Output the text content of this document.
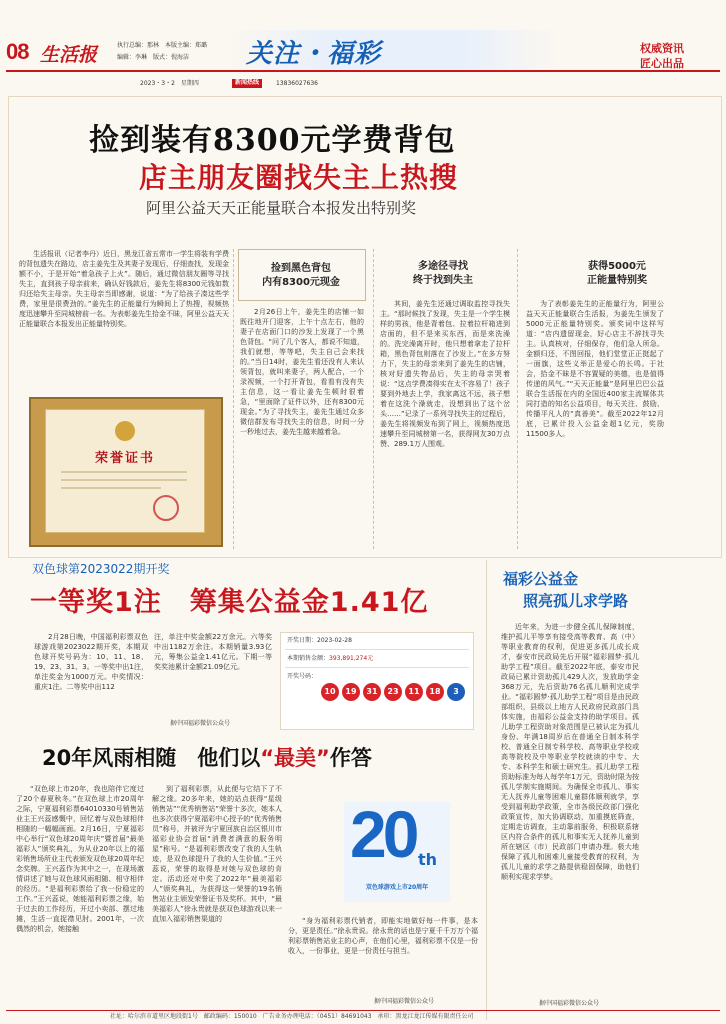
08 生活报	执行总编：那林　本版主编：郑璐
编辑：李琳　版式：倪海洁 关注・福彩	权威资讯
匠心出品
2023・3・2　星期四	新闻热线	13836027636
捡到装有8300元学费背包
店主朋友圈找失主上热搜
阿里公益天天正能量联合本报发出特别奖
生活报讯（记者李丹）近日，黑龙江省五常市一学生将装有学费的背包遗失在路边，店主姜先生及其妻子发现后，仔细查找，发现金额不小，于是开始“着急孩子上火”。随后，通过微信朋友圈等寻找失主，直到孩子母亲前来，确认好钱款后，姜先生将8300元钱如数归还给失主母亲。失主母亲当即感谢，说道：“为了给孩子凑这些学费，家里是很费劲的。”姜先生的正能量行为瞬间上了热搜，视频热度迅速攀升至同城榜前一名。为表彰姜先生拾金不昧，阿里公益天天正能量联合本报发出正能量特别奖。
荣誉证书
捡到黑色背包
内有8300元现金
2月26日上午，姜先生的店铺一如既往地开门迎客，上午十点左右，他的妻子在店面门口的沙发上发现了一个黑色背包。“问了几个客人，都说不知道，我们就想，等等吧，失主自己会来找的。”当日14时，姜先生看还没有人来认领背包，就叫来妻子，两人配合，一个录视频，一个打开背包，看看有没有失主信息，这一看让姜先生顿时很着急，“里面除了证件以外，还有8300元现金。”为了寻找失主，姜先生通过众多微信群发布寻找失主的信息，时间一分一秒地过去，姜先生越来越着急。
多途径寻找
终于找到失主
其间，姜先生还通过调取监控寻找失主。“那时候找了发现，失主是一个学生模样的男孩，他是背着包、拉着拉杆箱进到店面的，但不是来买东西，而是来洗澡的。洗完澡离开时，他只想着拿走了拉杆箱，黑色背包则落在了沙发上。”在多方努力下，失主的母亲来到了姜先生的店铺，核对好遗失物品后，失主的母亲哭着说：“这点学费凑得实在太不容易了！孩子要到外地去上学，我家离这不远，孩子想着在这洗个澡就走，没想到出了这个岔头……”记录了一系列寻找失主的过程后，姜先生将视频发布到了网上，视频热度迅速攀升至同城榜第一名，获得网友30万点赞、289.1万人围观。
获得5000元
正能量特别奖
为了表彰姜先生的正能量行为，阿里公益天天正能量联合生活报，为姜先生颁发了5000元正能量特别奖。颁奖词中这样写道：“店内遗留现金，好心店主不辞找寻失主。认真核对，仔细保存，他们急人所急。金额归还，不图回报，他们堂堂正正挺起了一面旗，这些义举正是爱心的长鸣。于社会，拾金不昧是不容置疑的美德，也是值得传递的风气。”“天天正能量”是阿里巴巴公益联合生活报在内的全国近400家主流媒体共同打造的知名公益项目，每天关注、鼓励、传播平凡人的“真善美”。截至2022年12月底，已累计投入公益金超1亿元，奖励11500多人。
双色球第2023022期开奖
一等奖1注　筹集公益金1.41亿
2月28日晚，中国福利彩票双色球游戏第2023022期开奖，本期双色球开奖号码为：10、11、18、19、23、31、3。一等奖中出1注，单注奖金为1000万元。中奖情况：重庆1注。二等奖中出112
注，单注中奖金额22万余元。六等奖中出1182万余注。本期销量3.93亿元，筹集公益金1.41亿元。下期一等奖奖池累计金额21.09亿元。
据中国福彩微信公众号
开奖日期：2023-02-28
本期销售金额：393,891,274元
开奖号码：
10	19	31	23	11	18	3
20年风雨相随　他们以“最美”作答
“双色球上市20年，我也陪伴它度过了20个春夏秋冬。”在双色球上市20周年之际，宁夏福利彩票64010330号销售站业主王兴蕊感慨中，回忆着与双色球相伴相随的一幅幅画面。2月16日，宁夏福彩中心举行“双色球20周年庆”暨首届“最美福彩人”颁奖典礼，为从业20年以上的福彩销售场所业主代表颁发双色球20周年纪念奖牌。王兴蕊作为其中之一，在现场激情讲述了她与双色球风雨相随、相守相伴的经历。“是福利彩票给了我一份稳定的工作。”王兴蕊说，她能福利彩票之缘，始于过去的工作经历，开过小卖部、摆过地摊，生活一直捉襟见肘。2001年，一次偶然的机会，她接触
到了福利彩票，从此便与它结下了不解之缘。20多年来，她的站点获得“星级销售站”“优秀销售站”荣誉十多次，她本人也多次获得宁夏福彩中心授予的“优秀销售员”称号，并被评为宁夏回族自治区银川市福彩业协会首届“消费者满意的服务明星”称号。“是福利彩票改变了我的人生轨迹，是双色球提升了我的人生价值。”王兴蕊说，荣誉的取得是对她与双色球的肯定。活动还对中奖了2022年“最美福彩人”颁奖典礼，为获得这一荣誉的19名销售站业主颁发荣誉证书及奖杯。其中，“最美福彩人”徐永贵就是获双色球游戏以来一直加入福彩销售渠道的
20 th
双色球游戏上市20周年
“身为福利彩票代销者，即能实地做好每一件事，是本分，更是责任。”徐永贵说。徐永贵的话也是宁夏千千万万个福利彩票销售站业主的心声，在他们心里，福利彩票不仅是一份收入，一份事业，更是一份责任与担当。
据中国福彩微信公众号
福彩公益金
照亮孤儿求学路
近年来，为进一步健全孤儿保障制度，维护孤儿平等享有接受高等教育、高（中）等职业教育的权利，促进更多孤儿成长成才，泰安市民政局先后开展“福彩圆梦·孤儿助学工程”项目。截至2022年底，泰安市民政局已累计资助孤儿429人次，发放助学金368万元，先后资助76名孤儿顺利完成学业。“福彩圆梦·孤儿助学工程”项目是由民政部组织，县级以上地方人民政府民政部门具体实施，由福彩公益金支持的助学项目。孤儿助学工程资助对象范围是已被认定为孤儿身份、年满18周岁后在普通全日制本科学校、普通全日制专科学校、高等职业学校或高等院校及中等职业学校就读的中专、大专、本科学生和硕士研究生。孤儿助学工程资助标准为每人每学年1万元，资助时限为按孤儿学制实施期间。为确保全市孤儿、事实无人抚养儿童等困难儿童群体顺利就学，享受到福利助学政策，全市各级民政部门强化政策宣传，加大协调联动，加重摸底筛查，定期走访调查，主动靠前服务，积极联系辖区内符合条件的孤儿和事实无人抚养儿童到所在辖区（市）民政部门申请办理。极大地保障了孤儿和困难儿童接受教育的权利，为孤儿儿童的求学之路提供稳固保障，助他们顺利实现求学梦。
据中国福彩微信公众号
社址：哈尔滨市道里区地段街1号　邮政编码：150010　广告业务办理电话：（0451）84691043　承印：黑龙江龙江传媒有限责任公司
